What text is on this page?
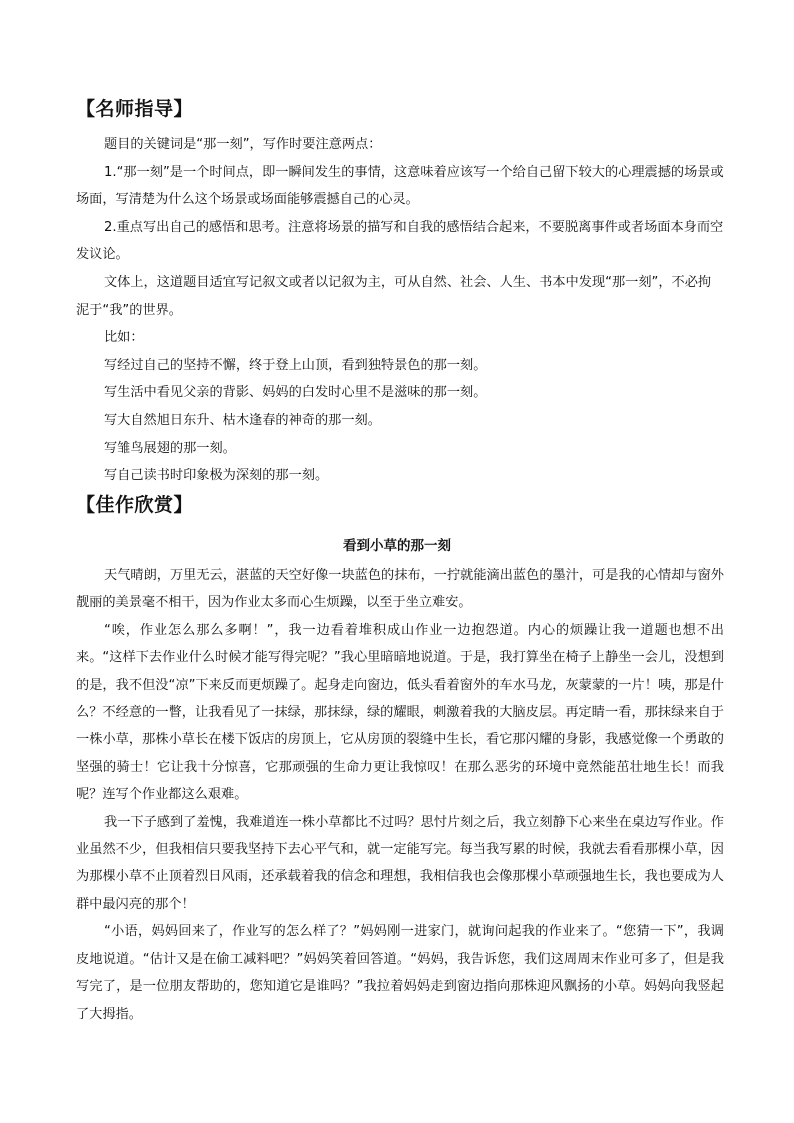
【名师指导】

题目的关键词是“那一刻”，写作时要注意两点：

1.“那一刻”是一个时间点，即一瞬间发生的事情，这意味着应该写一个给自己留下较大的心理震撼的场景或场面，写清楚为什么这个场景或场面能够震撼自己的心灵。

2.重点写出自己的感悟和思考。注意将场景的描写和自我的感悟结合起来，不要脱离事件或者场面本身而空发议论。

文体上，这道题目适宜写记叙文或者以记叙为主，可从自然、社会、人生、书本中发现“那一刻”，不必拘泥于“我”的世界。

比如：

写经过自己的坚持不懈，终于登上山顶，看到独特景色的那一刻。

写生活中看见父亲的背影、妈妈的白发时心里不是滋味的那一刻。

写大自然旭日东升、枯木逢春的神奇的那一刻。

写雏鸟展翅的那一刻。

写自己读书时印象极为深刻的那一刻。

【佳作欣赏】
看到小草的那一刻

天气晴朗，万里无云，湛蓝的天空好像一块蓝色的抹布，一拧就能滴出蓝色的墨汁，可是我的心情却与窗外靓丽的美景毫不相干，因为作业太多而心生烦躁，以至于坐立难安。

“唉，作业怎么那么多啊！”，我一边看着堆积成山作业一边抱怨道。内心的烦躁让我一道题也想不出来。“这样下去作业什么时候才能写得完呢？”我心里暗暗地说道。于是，我打算坐在椅子上静坐一会儿，没想到的是，我不但没“凉”下来反而更烦躁了。起身走向窗边，低头看着窗外的车水马龙，灰蒙蒙的一片！咦，那是什么？不经意的一瞥，让我看见了一抹绿，那抹绿，绿的耀眼，刺激着我的大脑皮层。再定睛一看，那抹绿来自于一株小草，那株小草长在楼下饭店的房顶上，它从房顶的裂缝中生长，看它那闪耀的身影，我感觉像一个勇敢的坚强的骑士！它让我十分惊喜，它那顽强的生命力更让我惊叹！在那么恶劣的环境中竟然能茁壮地生长！而我呢？连写个作业都这么艰难。

我一下子感到了羞愧，我难道连一株小草都比不过吗？思忖片刻之后，我立刻静下心来坐在桌边写作业。作业虽然不少，但我相信只要我坚持下去心平气和，就一定能写完。每当我写累的时候，我就去看看那棵小草，因为那棵小草不止顶着烈日风雨，还承载着我的信念和理想，我相信我也会像那棵小草顽强地生长，我也要成为人群中最闪亮的那个！

“小语，妈妈回来了，作业写的怎么样了？”妈妈刚一进家门，就询问起我的作业来了。“您猜一下”，我调皮地说道。“估计又是在偷工减料吧？”妈妈笑着回答道。“妈妈，我告诉您，我们这周周末作业可多了，但是我写完了，是一位朋友帮助的，您知道它是谁吗？”我拉着妈妈走到窗边指向那株迎风飘扬的小草。妈妈向我竖起了大拇指。
